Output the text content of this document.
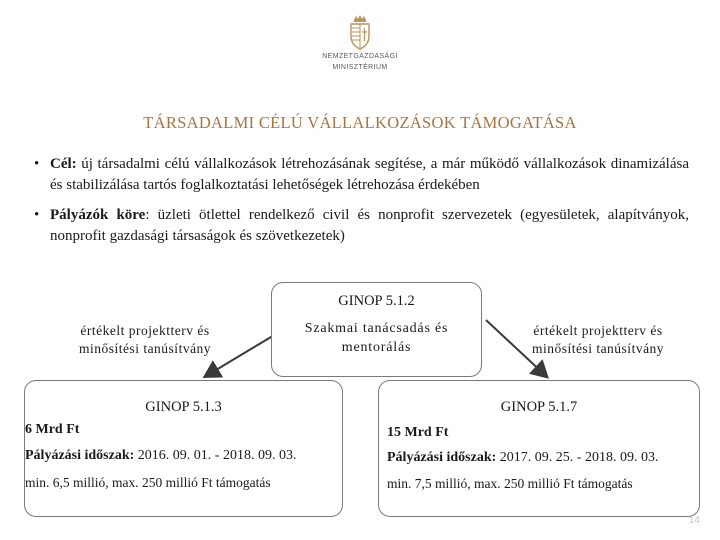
NEMZETGAZDASÁGI
MINISZTÉRIUM
TÁRSADALMI CÉLÚ VÁLLALKOZÁSOK TÁMOGATÁSA
• Cél: új társadalmi célú vállalkozások létrehozásának segítése, a már működő vállalkozások dinamizálása és stabilizálása tartós foglalkoztatási lehetőségek létrehozása érdekében
• Pályázók köre: üzleti ötlettel rendelkező civil és nonprofit szervezetek (egyesületek, alapítványok, nonprofit gazdasági társaságok és szövetkezetek)
GINOP 5.1.2
Szakmai tanácsadás és
mentorálás
értékelt projektterv és
minősítési tanúsítvány
értékelt projektterv és
minősítési tanúsítvány
GINOP 5.1.3
6 Mrd Ft
Pályázási időszak: 2016. 09. 01. - 2018. 09. 03.
min. 6,5 millió, max. 250 millió Ft támogatás
GINOP 5.1.7
15 Mrd Ft
Pályázási időszak: 2017. 09. 25. - 2018. 09. 03.
min. 7,5 millió, max. 250 millió Ft támogatás
14
